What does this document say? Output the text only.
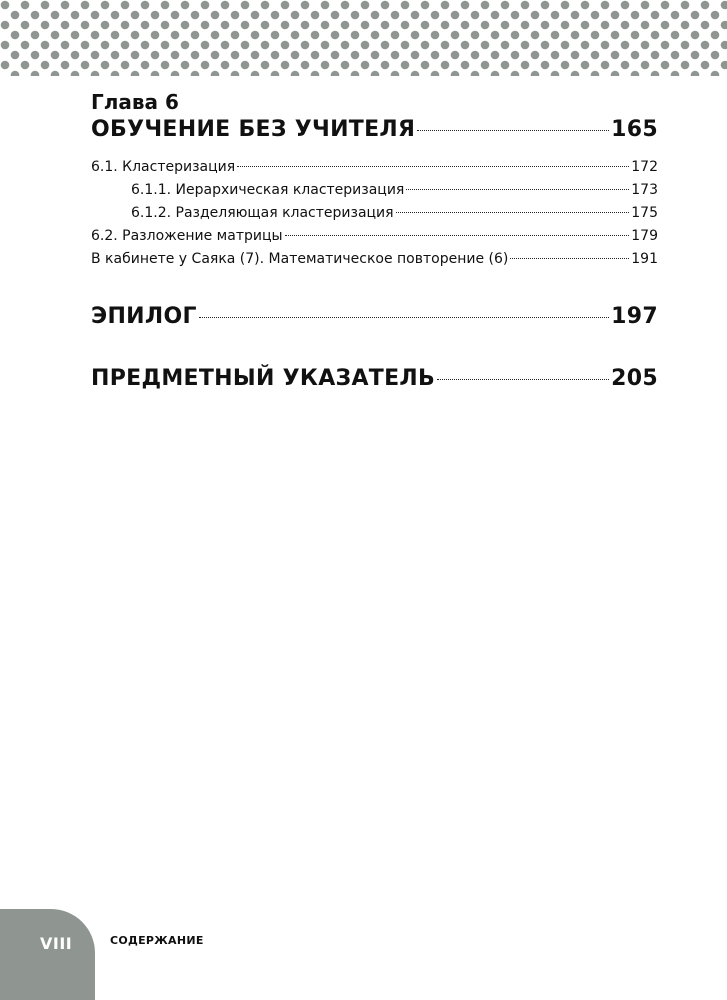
Глава 6
ОБУЧЕНИЕ БЕЗ УЧИТЕЛЯ	165
6.1. Кластеризация	172
6.1.1. Иерархическая кластеризация	173
6.1.2. Разделяющая кластеризация	175
6.2. Разложение матрицы	179
В кабинете у Саяка (7). Математическое повторение (6)	191
ЭПИЛОГ	197
ПРЕДМЕТНЫЙ УКАЗАТЕЛЬ	205
VIII	СОДЕРЖАНИЕ
